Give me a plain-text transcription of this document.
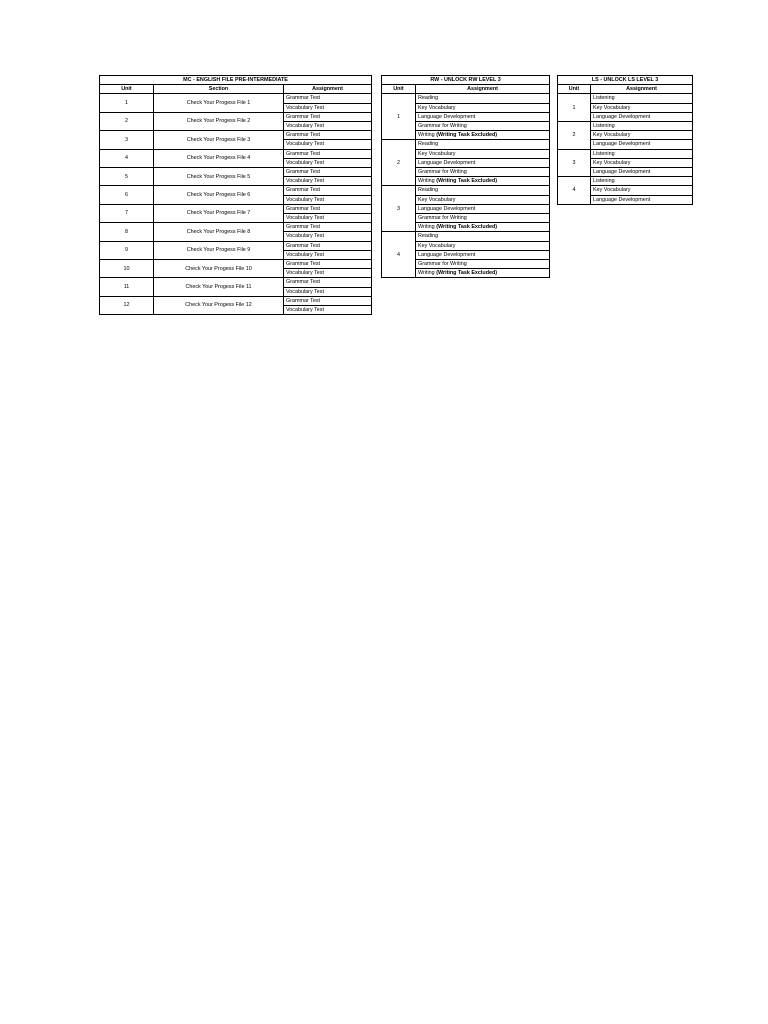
MC - ENGLISH FILE PRE-INTERMEDIATE		
Unit	Section	Assignment
1	Check Your Progess File 1	Grammar Test
		Vocabulary Test
2	Check Your Progess File 2	Grammar Test
		Vocabulary Test
3	Check Your Progess File 3	Grammar Test
		Vocabulary Test
4	Check Your Progess File 4	Grammar Test
		Vocabulary Test
5	Check Your Progess File 5	Grammar Test
		Vocabulary Test
6	Check Your Progess File 6	Grammar Test
		Vocabulary Test
7	Check Your Progess File 7	Grammar Test
		Vocabulary Test
8	Check Your Progess File 8	Grammar Test
		Vocabulary Test
9	Check Your Progess File 9	Grammar Test
		Vocabulary Test
10	Check Your Progess File 10	Grammar Test
		Vocabulary Test
11	Check Your Progess File 11	Grammar Test
		Vocabulary Test
12	Check Your Progess File 12	Grammar Test
		Vocabulary Test
RW - UNLOCK RW LEVEL 3	
Unit	Assignment
1	Reading
	Key Vocabulary
	Language Development
	Grammar for Writing
	Writing (Writing Task Excluded)
2	Reading
	Key Vocabulary
	Language Development
	Grammar for Writing
	Writing (Writing Task Excluded)
3	Reading
	Key Vocabulary
	Language Development
	Grammar for Writing
	Writing (Writing Task Excluded)
4	Reading
	Key Vocabulary
	Language Development
	Grammar for Writing
	Writing (Writing Task Excluded)
LS - UNLOCK LS LEVEL 3	
Unit	Assignment
1	Listening
	Key Vocabulary
	Language Development
2	Listening
	Key Vocabulary
	Language Development
3	Listening
	Key Vocabulary
	Language Development
4	Listening
	Key Vocabulary
	Language Development
